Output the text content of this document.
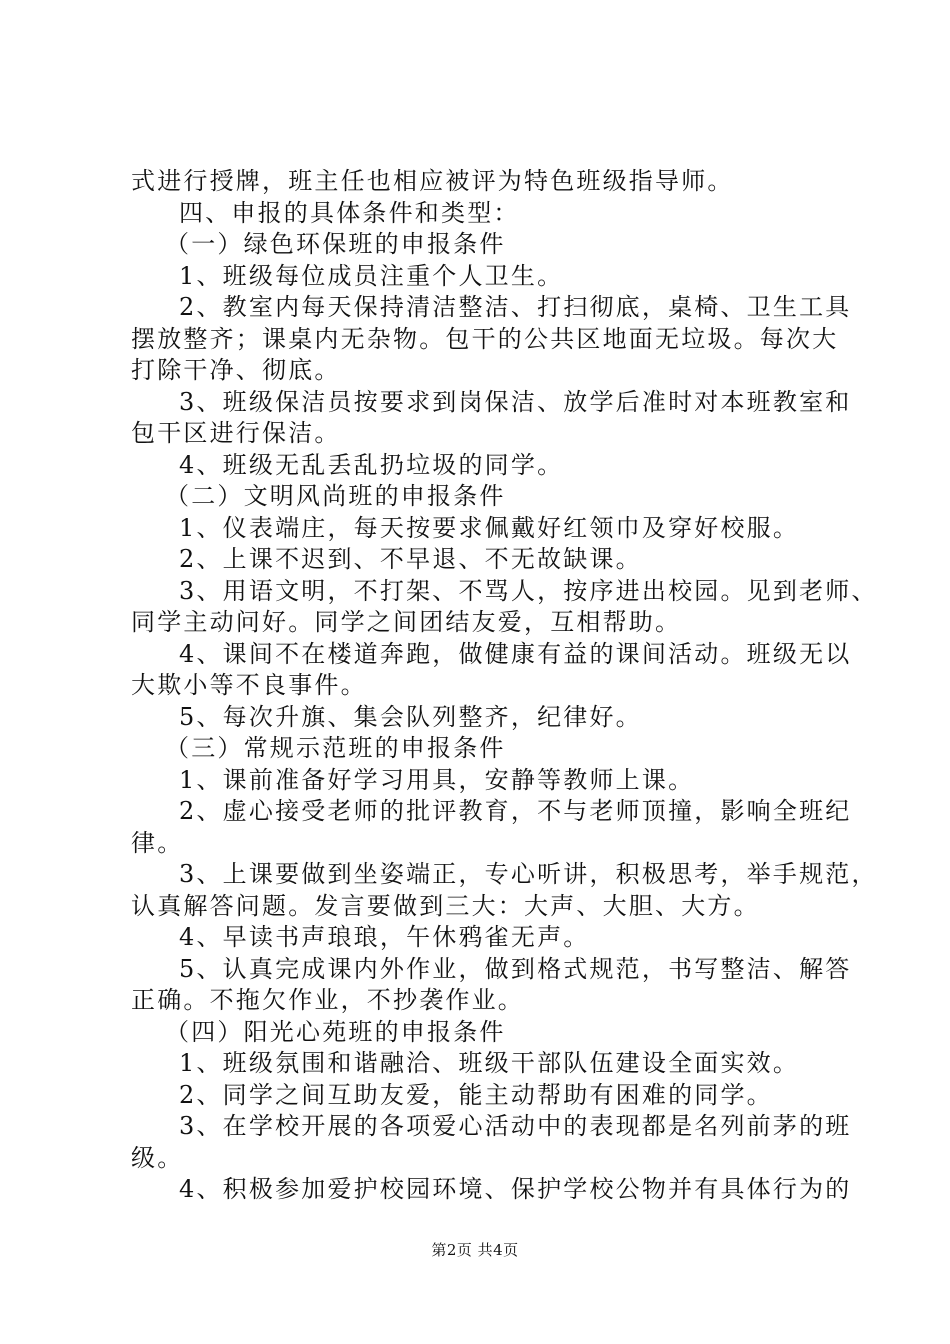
式进行授牌，班主任也相应被评为特色班级指导师。
四、申报的具体条件和类型：
（一）绿色环保班的申报条件
1、班级每位成员注重个人卫生。
2、教室内每天保持清洁整洁、打扫彻底，桌椅、卫生工具
摆放整齐；课桌内无杂物。包干的公共区地面无垃圾。每次大
打除干净、彻底。
3、班级保洁员按要求到岗保洁、放学后准时对本班教室和
包干区进行保洁。
4、班级无乱丢乱扔垃圾的同学。
（二）文明风尚班的申报条件
1、仪表端庄，每天按要求佩戴好红领巾及穿好校服。
2、上课不迟到、不早退、不无故缺课。
3、用语文明，不打架、不骂人，按序进出校园。见到老师、
同学主动问好。同学之间团结友爱，互相帮助。
4、课间不在楼道奔跑，做健康有益的课间活动。班级无以
大欺小等不良事件。
5、每次升旗、集会队列整齐，纪律好。
（三）常规示范班的申报条件
1、课前准备好学习用具，安静等教师上课。
2、虚心接受老师的批评教育，不与老师顶撞，影响全班纪
律。
3、上课要做到坐姿端正，专心听讲，积极思考，举手规范，
认真解答问题。发言要做到三大：大声、大胆、大方。
4、早读书声琅琅，午休鸦雀无声。
5、认真完成课内外作业，做到格式规范，书写整洁、解答
正确。不拖欠作业，不抄袭作业。
（四）阳光心苑班的申报条件
1、班级氛围和谐融洽、班级干部队伍建设全面实效。
2、同学之间互助友爱，能主动帮助有困难的同学。
3、在学校开展的各项爱心活动中的表现都是名列前茅的班
级。
4、积极参加爱护校园环境、保护学校公物并有具体行为的
第2页 共4页
